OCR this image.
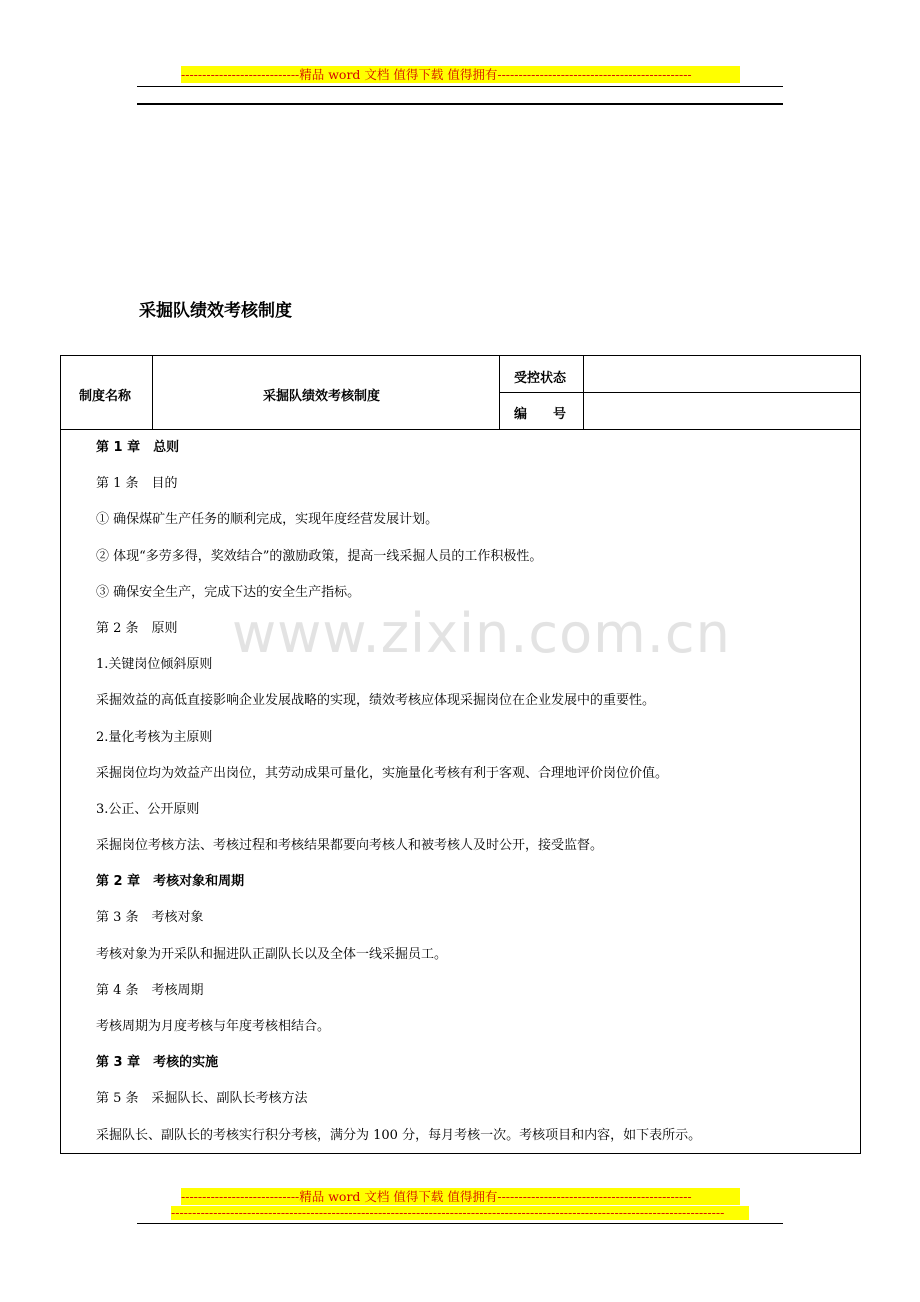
----------------------------精品 word 文档 值得下载 值得拥有----------------------------------------------
采掘队绩效考核制度
制度名称	采掘队绩效考核制度
受控状态
编　　号
www.zixin.com.cn
第 1 章　总则
第 1 条　目的
① 确保煤矿生产任务的顺利完成，实现年度经营发展计划。
② 体现“多劳多得，奖效结合”的激励政策，提高一线采掘人员的工作积极性。
③ 确保安全生产，完成下达的安全生产指标。
第 2 条　原则
1.关键岗位倾斜原则
采掘效益的高低直接影响企业发展战略的实现，绩效考核应体现采掘岗位在企业发展中的重要性。
2.量化考核为主原则
采掘岗位均为效益产出岗位，其劳动成果可量化，实施量化考核有利于客观、合理地评价岗位价值。
3.公正、公开原则
采掘岗位考核方法、考核过程和考核结果都要向考核人和被考核人及时公开，接受监督。
第 2 章　考核对象和周期
第 3 条　考核对象
考核对象为开采队和掘进队正副队长以及全体一线采掘员工。
第 4 条　考核周期
考核周期为月度考核与年度考核相结合。
第 3 章　考核的实施
第 5 条　采掘队长、副队长考核方法
采掘队长、副队长的考核实行积分考核，满分为 100 分，每月考核一次。考核项目和内容，如下表所示。
----------------------------精品 word 文档 值得下载 值得拥有----------------------------------------------
-----------------------------------------------------------------------------------------------------------------------------------
